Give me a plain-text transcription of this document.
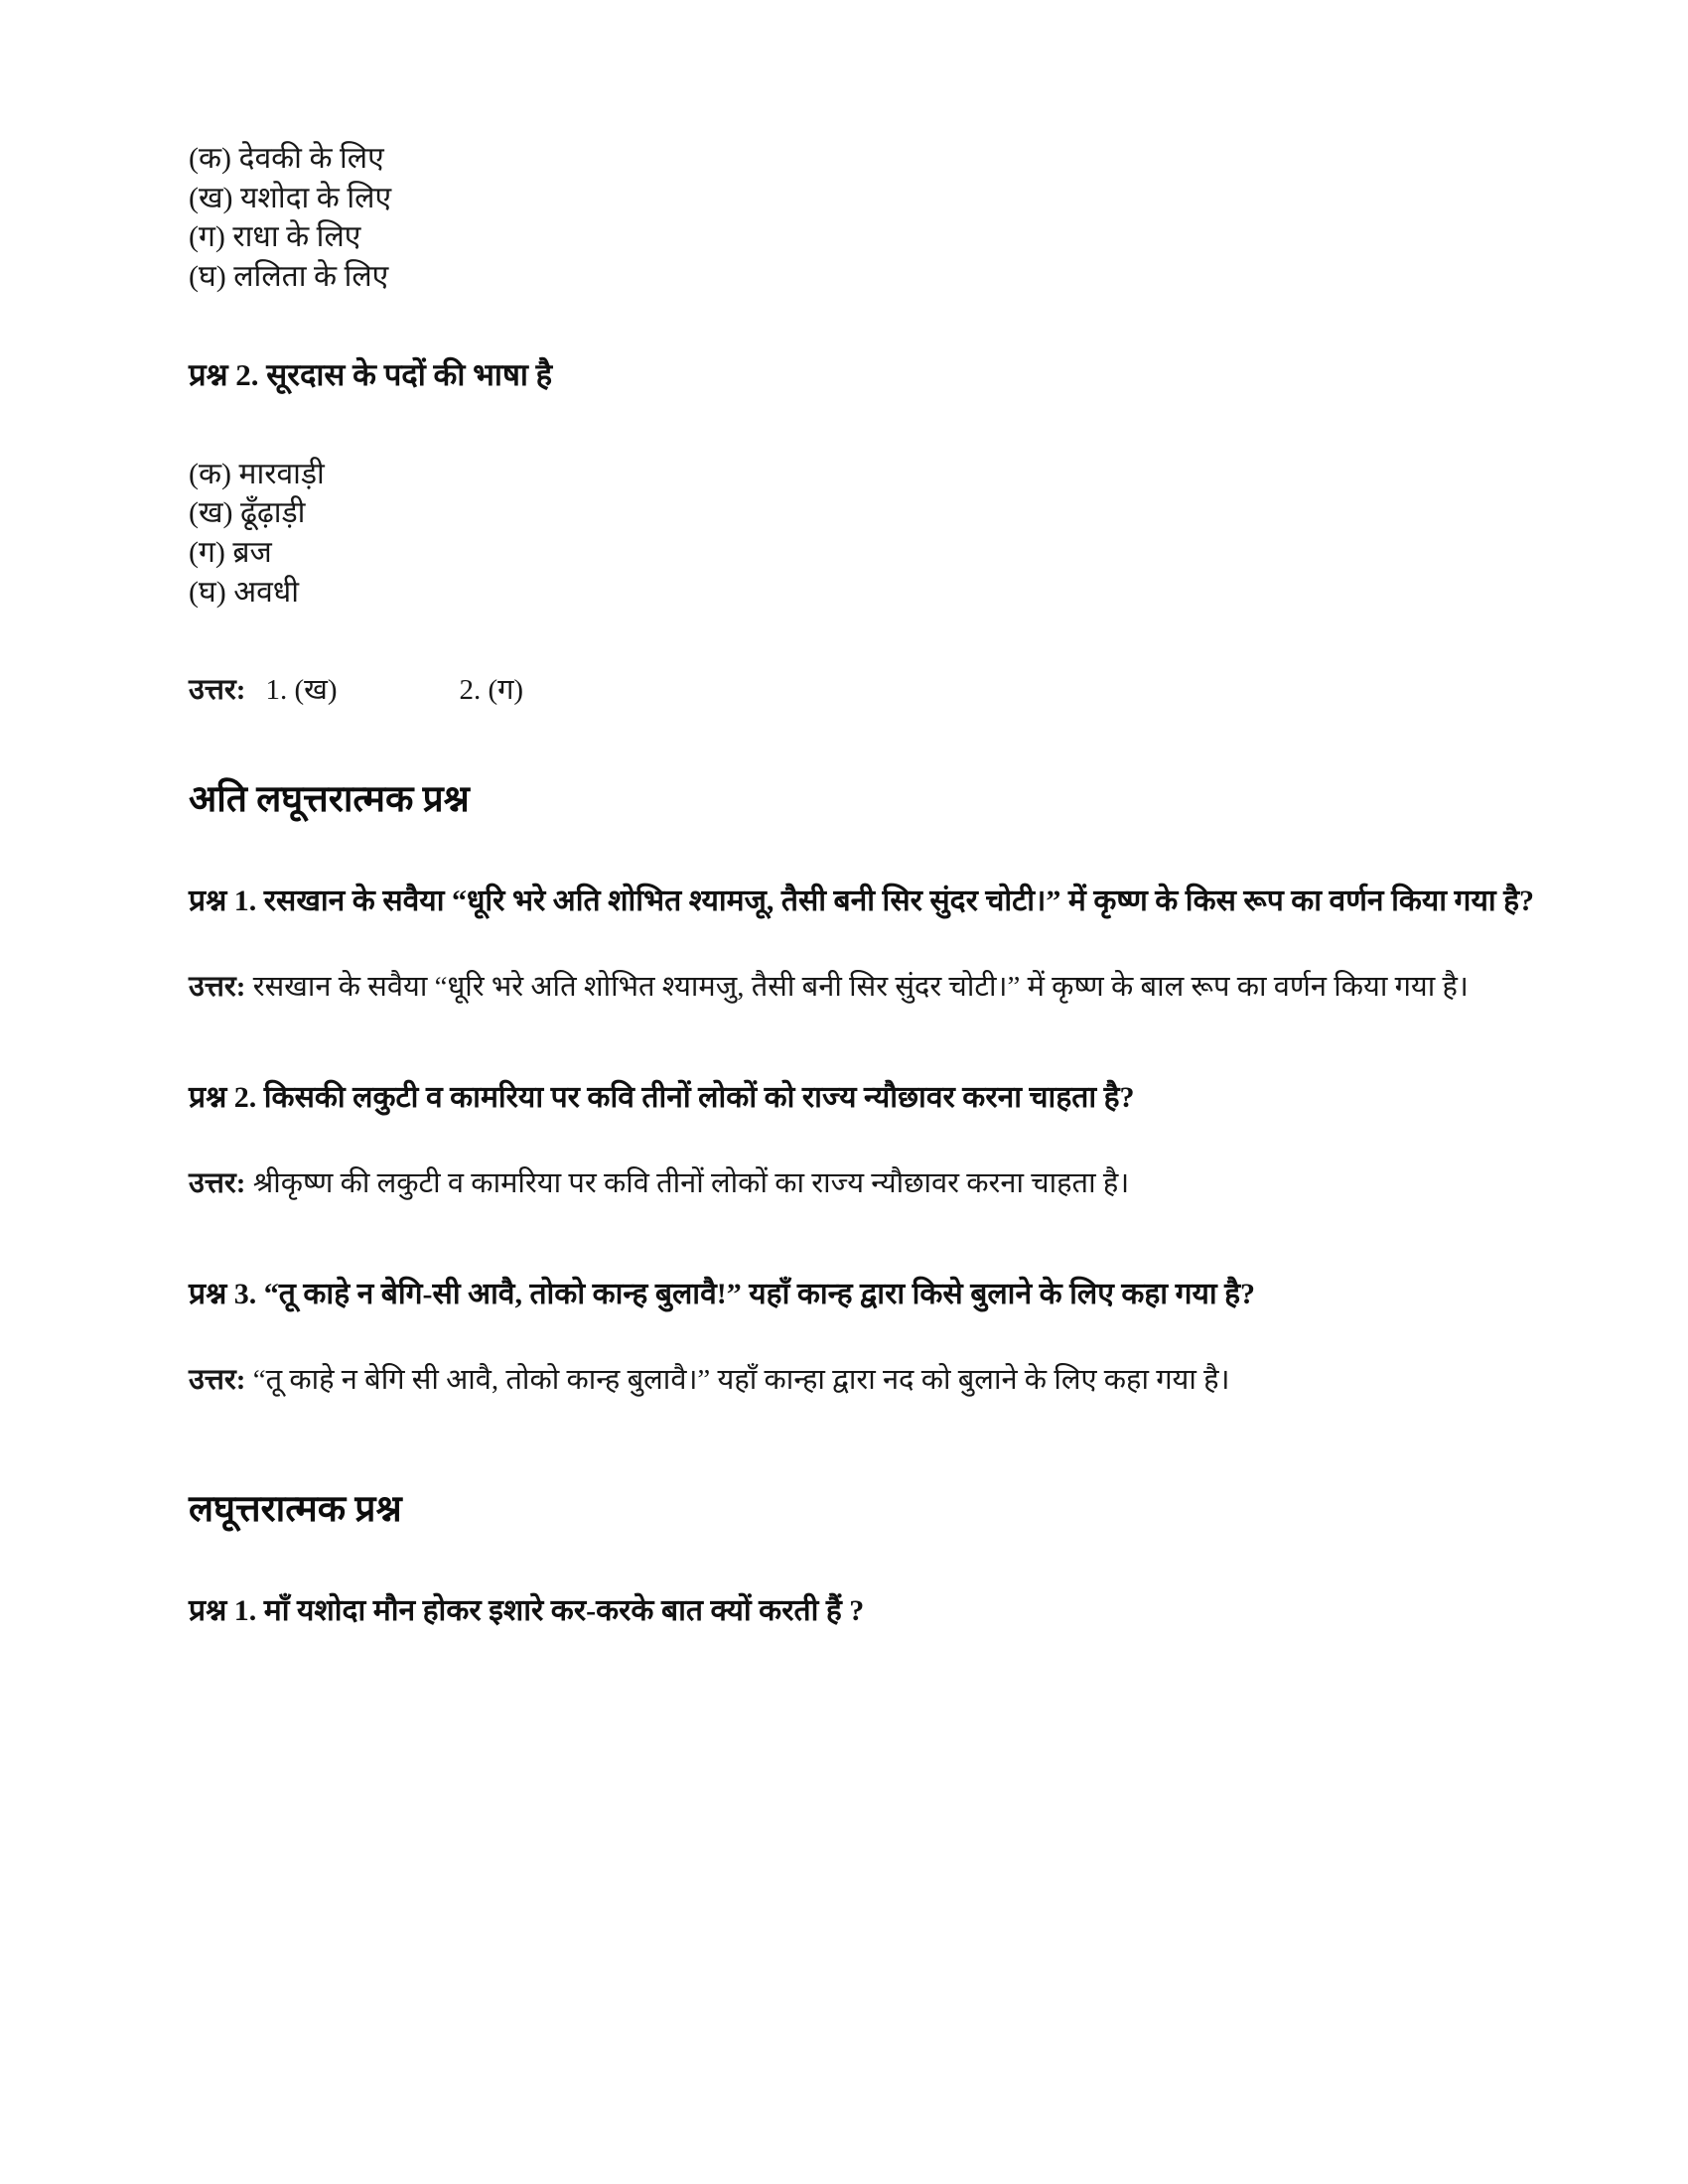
(क) देवकी के लिए
(ख) यशोदा के लिए
(ग) राधा के लिए
(घ) ललिता के लिए

प्रश्न 2. सूरदास के पदों की भाषा है

(क) मारवाड़ी
(ख) ढूँढ़ाड़ी
(ग) ब्रज
(घ) अवधी

उत्तर: 1. (ख)	2. (ग)

अति लघूत्तरात्मक प्रश्न

प्रश्न 1. रसखान के सवैया “धूरि भरे अति शोभित श्यामजू, तैसी बनी सिर सुंदर चोटी।” में कृष्ण के किस रूप का वर्णन किया गया है?

उत्तर: रसखान के सवैया “धूरि भरे अति शोभित श्यामजु, तैसी बनी सिर सुंदर चोटी।” में कृष्ण के बाल रूप का वर्णन किया गया है।

प्रश्न 2. किसकी लकुटी व कामरिया पर कवि तीनों लोकों को राज्य न्यौछावर करना चाहता है?

उत्तर: श्रीकृष्ण की लकुटी व कामरिया पर कवि तीनों लोकों का राज्य न्यौछावर करना चाहता है।

प्रश्न 3. “तू काहे न बेगि-सी आवै, तोको कान्ह बुलावै!” यहाँ कान्ह द्वारा किसे बुलाने के लिए कहा गया है?

उत्तर: “तू काहे न बेगि सी आवै, तोको कान्ह बुलावै।” यहाँ कान्हा द्वारा नद को बुलाने के लिए कहा गया है।

लघूत्तरात्मक प्रश्न

प्रश्न 1. माँ यशोदा मौन होकर इशारे कर-करके बात क्यों करती हैं ?
